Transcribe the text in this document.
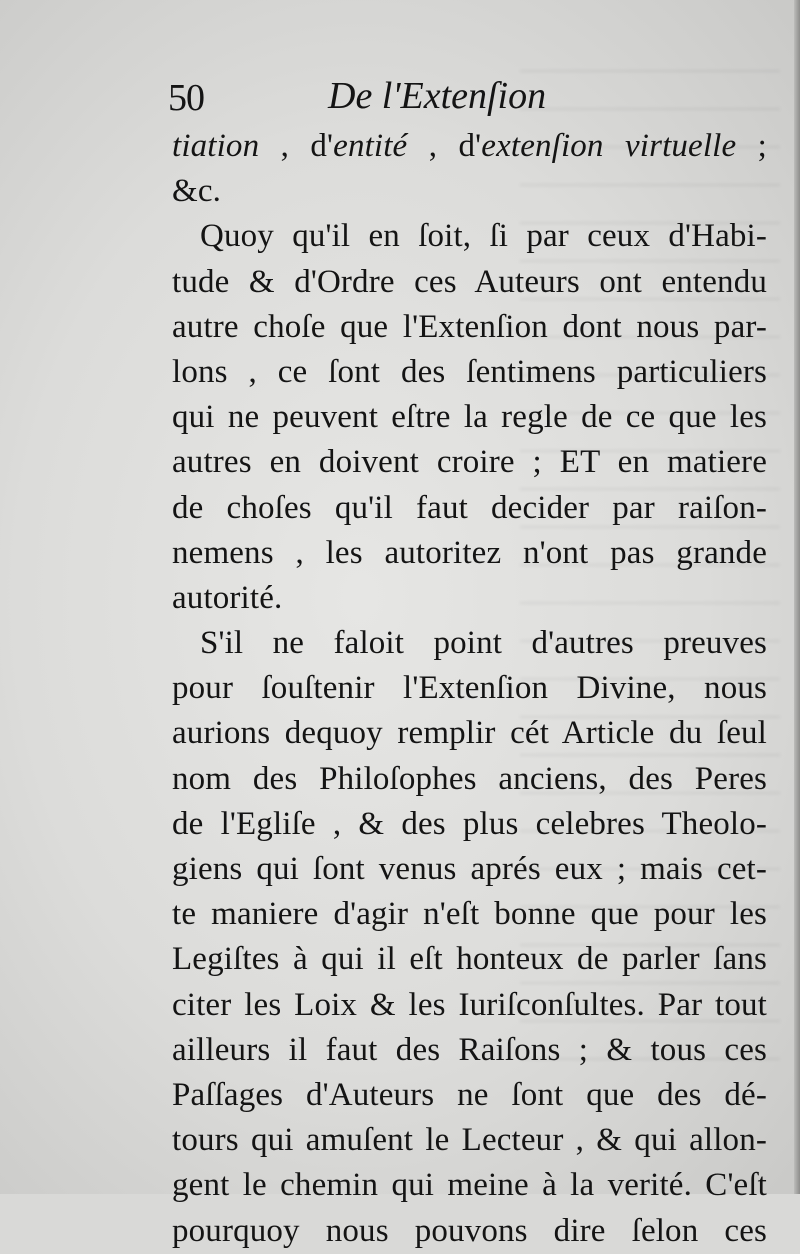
50	De l'Extenſion
tiation , d'entité , d'extenſion virtuelle ;
&c.
Quoy qu'il en ſoit, ſi par ceux d'Habi-
tude & d'Ordre ces Auteurs ont entendu
autre choſe que l'Extenſion dont nous par-
lons , ce ſont des ſentimens particuliers
qui ne peuvent eſtre la regle de ce que les
autres en doivent croire ; ET en matiere
de choſes qu'il faut decider par raiſon-
nemens , les autoritez n'ont pas grande
autorité.
S'il ne faloit point d'autres preuves
pour ſouſtenir l'Extenſion Divine, nous
aurions dequoy remplir cét Article du ſeul
nom des Philoſophes anciens, des Peres
de l'Egliſe , & des plus celebres Theolo-
giens qui ſont venus aprés eux ; mais cet-
te maniere d'agir n'eſt bonne que pour les
Legiſtes à qui il eſt honteux de parler ſans
citer les Loix & les Iuriſconſultes. Par tout
ailleurs il faut des Raiſons ; & tous ces
Paſſages d'Auteurs ne ſont que des dé-
tours qui amuſent le Lecteur , & qui allon-
gent le chemin qui meine à la verité. C'eſt
pourquoy nous pouvons dire ſelon ces
